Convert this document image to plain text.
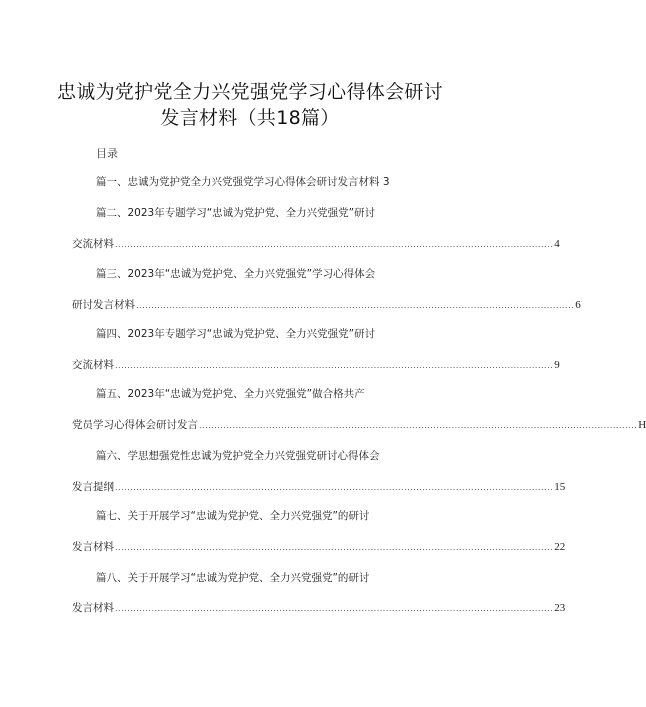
忠诚为党护党全力兴党强党学习心得体会研讨
发言材料（共18篇）
目录
篇一、忠诚为党护党全力兴党强党学习心得体会研讨发言材料 3
篇二、2023年专题学习“忠诚为党护党、全力兴党强党”研讨
交流材料 ................................................................................................................................................ 4
篇三、2023年“忠诚为党护党、全力兴党强党”学习心得体会
研讨发言材料 ................................................................................................................................................ 6
篇四、2023年专题学习“忠诚为党护党、全力兴党强党”研讨
交流材料 ................................................................................................................................................ 9
篇五、2023年“忠诚为党护党、全力兴党强党”做合格共产
党员学习心得体会研讨发言 ................................................................................................................................................ H
篇六、学思想强党性忠诚为党护党全力兴党强党研讨心得体会
发言提纲 ................................................................................................................................................ 15
篇七、关于开展学习“忠诚为党护党、全力兴党强党”的研讨
发言材料 ................................................................................................................................................ 22
篇八、关于开展学习“忠诚为党护党、全力兴党强党”的研讨
发言材料 ................................................................................................................................................ 23
